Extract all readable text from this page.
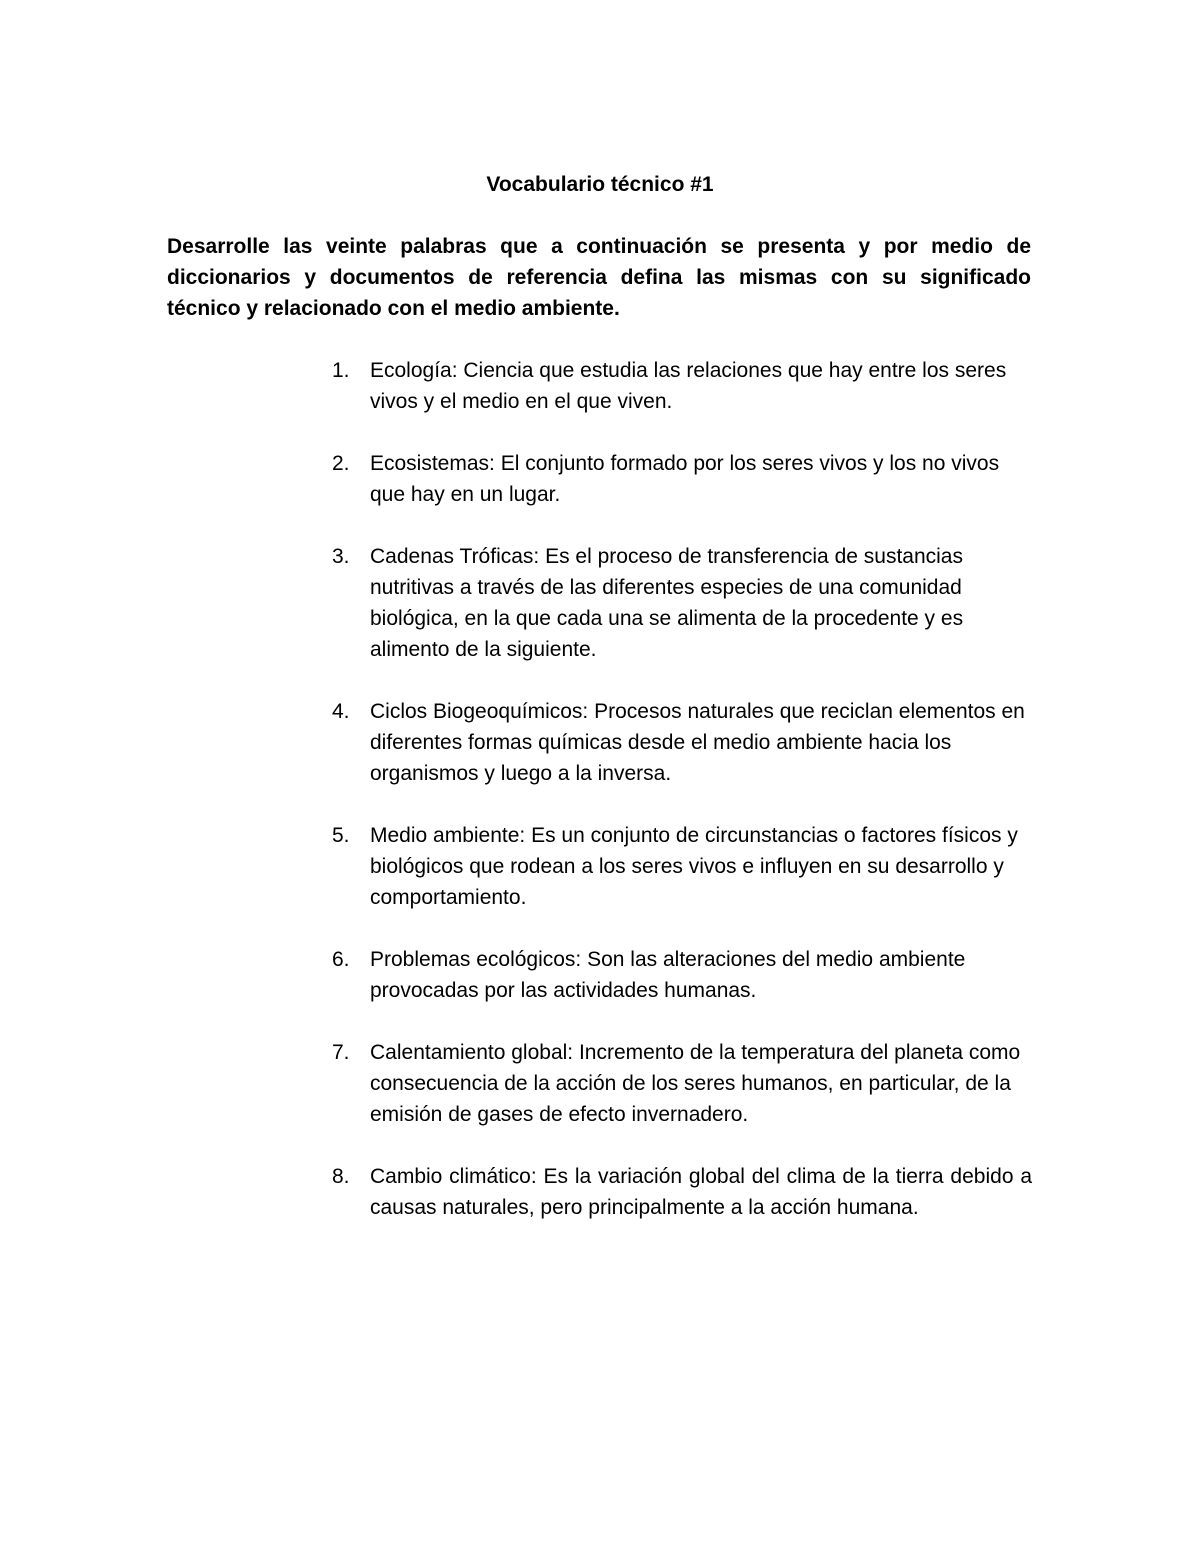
Vocabulario técnico #1
Desarrolle las veinte palabras que a continuación se presenta y por medio de diccionarios y documentos de referencia defina las mismas con su significado técnico y relacionado con el medio ambiente.
1. Ecología: Ciencia que estudia las relaciones que hay entre los seres vivos y el medio en el que viven.
2. Ecosistemas: El conjunto formado por los seres vivos y los no vivos que hay en un lugar.
3. Cadenas Tróficas: Es el proceso de transferencia de sustancias nutritivas a través de las diferentes especies de una comunidad biológica, en la que cada una se alimenta de la procedente y es alimento de la siguiente.
4. Ciclos Biogeoquímicos: Procesos naturales que reciclan elementos en diferentes formas químicas desde el medio ambiente hacia los organismos y luego a la inversa.
5. Medio ambiente: Es un conjunto de circunstancias o factores físicos y biológicos que rodean a los seres vivos e influyen en su desarrollo y comportamiento.
6. Problemas ecológicos: Son las alteraciones del medio ambiente provocadas por las actividades humanas.
7. Calentamiento global: Incremento de la temperatura del planeta como consecuencia de la acción de los seres humanos, en particular, de la emisión de gases de efecto invernadero.
8. Cambio climático: Es la variación global del clima de la tierra debido a causas naturales, pero principalmente a la acción humana.
